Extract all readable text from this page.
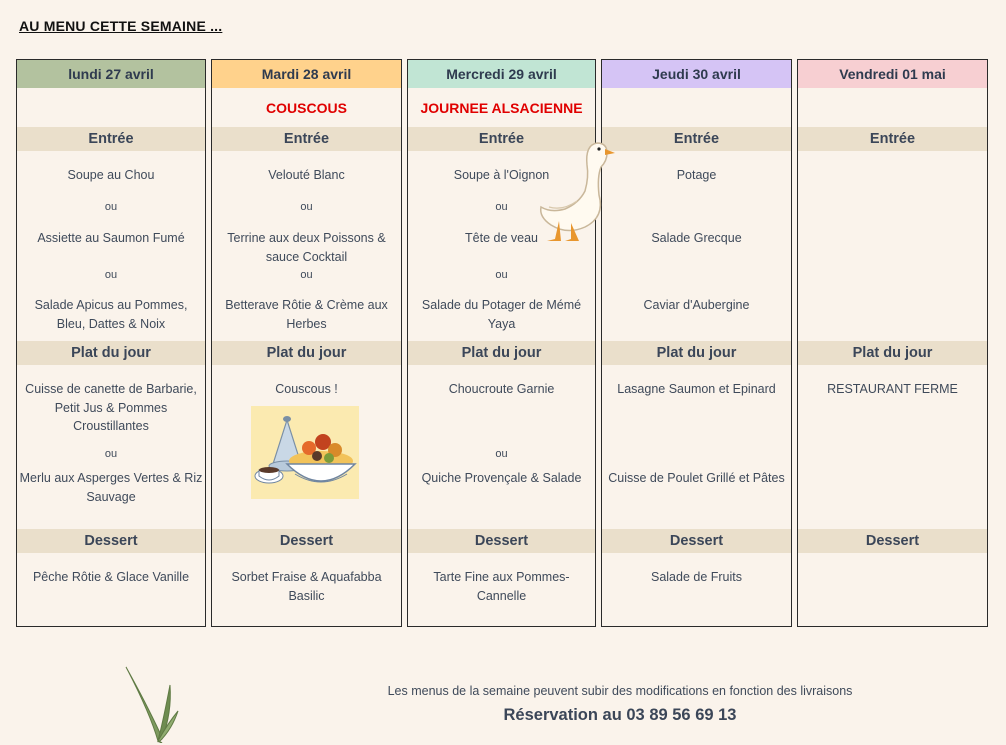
AU MENU CETTE SEMAINE ...
lundi 27 avril
Entrée
Soupe au Chou
ou
Assiette au Saumon Fumé
ou
Salade Apicus au Pommes, Bleu, Dattes & Noix
Plat du jour
Cuisse de canette de Barbarie, Petit Jus & Pommes Croustillantes
ou
Merlu aux Asperges Vertes & Riz Sauvage
Dessert
Pêche Rôtie & Glace Vanille
Mardi 28 avril
COUSCOUS
Entrée
Velouté Blanc
ou
Terrine aux deux Poissons & sauce Cocktail
ou
Betterave Rôtie & Crème aux Herbes
Plat du jour
Couscous !
Dessert
Sorbet Fraise & Aquafabba Basilic
Mercredi 29 avril
JOURNEE ALSACIENNE
Entrée
Soupe à l'Oignon
ou
Tête de veau
ou
Salade du Potager de Mémé Yaya
Plat du jour
Choucroute Garnie
ou
Quiche Provençale & Salade
Dessert
Tarte Fine aux Pommes-Cannelle
Jeudi 30 avril
Entrée
Potage
Salade Grecque
Caviar d'Aubergine
Plat du jour
Lasagne Saumon et Epinard
Cuisse de Poulet Grillé et Pâtes
Dessert
Salade de Fruits
Vendredi 01 mai
Entrée
Plat du jour
RESTAURANT FERME
Dessert
Les menus de la semaine peuvent subir des modifications en fonction des livraisons
Réservation au 03 89 56 69 13
